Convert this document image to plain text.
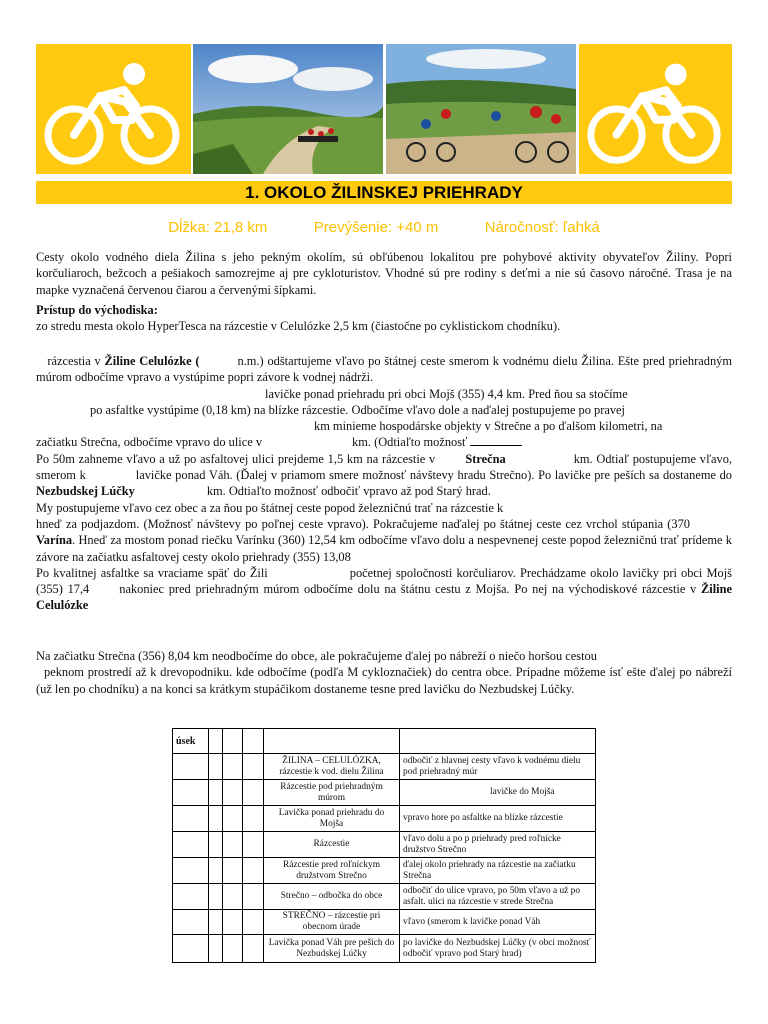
1. OKOLO ŽILINSKEJ PRIEHRADY
Dĺžka: 21,8 km	Prevýšenie: +40 m	Náročnosť: ľahká

Cesty okolo vodného diela Žilina s jeho pekným okolím, sú obľúbenou lokalitou pre pohybové aktivity obyvateľov Žiliny. Popri korčuliaroch, bežcoch a pešiakoch samozrejme aj pre cykloturistov. Vhodné sú pre rodiny s deťmi a nie sú časovo náročné. Trasa je na mapke vyznačená červenou čiarou a červenými šípkami.

Prístup do východiska:

zo stredu mesta okolo HyperTesca na rázcestie v Celulózke 2,5 km (čiastočne po cyklistickom chodníku).

rázcestia v Žiline Celulózke (	n.m.) odštartujeme vľavo po štátnej ceste smerom k vodnému dielu Žilina. Ešte pred priehradným múrom odbočíme vpravo a vystúpime popri závore k vodnej nádrži.

lavičke ponad priehradu pri obci Mojš (355) 4,4 km. Pred ňou sa stočíme

po asfaltke vystúpime (0,18 km) na blízke rázcestie. Odbočíme vľavo dole a naďalej postupujeme po pravej

km minieme hospodárske objekty v Strečne a po ďalšom kilometri, na

začiatku Strečna, odbočíme vpravo do ulice v	km. (Odtiaľto možnosť

Po 50m zahneme vľavo a už po asfaltovej ulici prejdeme 1,5 km na rázcestie v Strečna	km. Odtiaľ postupujeme vľavo, smerom k	lavičke ponad Váh. (Ďalej v priamom smere možnosť návštevy hradu Strečno). Po lavičke pre peších sa dostaneme do Nezbudskej Lúčky	km. Odtiaľto možnosť odbočiť vpravo až pod Starý hrad.

My postupujeme vľavo cez obec a za ňou po štátnej ceste popod železničnú trať na rázcestie k

hneď za podjazdom. (Možnosť návštevy po poľnej ceste vpravo). Pokračujeme naďalej po štátnej ceste cez vrchol stúpania (370Varína. Hneď za mostom ponad riečku Varínku (360) 12,54 km odbočíme vľavo dolu a nespevnenej ceste popod železničnú trať prídeme k závore na začiatku asfaltovej cesty okolo priehrady (355) 13,08

Po kvalitnej asfaltke sa vraciame späť do Žili	početnej spoločnosti korčuliarov. Prechádzame okolo lavičky pri obci Mojš (355) 17,4 nakoniec pred priehradným múrom odbočíme dolu na štátnu cestu z Mojša. Po nej na východiskové rázcestie v Žiline Celulózke

Na začiatku Strečna (356) 8,04 km neodbočíme do obce, ale pokračujeme ďalej po nábreží o niečo horšou cestou

peknom prostredí až k drevopodniku. kde odbočíme (podľa M cykloznačiek) do centra obce. Prípadne môžeme ísť ešte ďalej po nábreží (už len po chodníku) a na konci sa krátkym stupáčikom dostaneme tesne pred lavičku do Nezbudskej Lúčky.

úsek					
				ŽILINA – CELULÓZKA, rázcestie k vod. dielu Žilina	odbočiť z hlavnej cesty vľavo k vodnému dielu pod priehradný múr
				Rázcestie pod priehradným múrom	lavičke do Mojša
				Lavička ponad priehradu do Mojša	vpravo hore po asfaltke na blízke rázcestie
				Rázcestie	vľavo dolu a po p priehrady pred roľnícke družstvo Strečno
				Rázcestie pred roľníckym družstvom Strečno	ďalej okolo priehrady na rázcestie na začiatku Strečna
				Strečno – odbočka do obce	odbočiť do ulice vpravo, po 50m vľavo a už po asfalt. ulici na rázcestie v strede Strečna
				STREČNO – rázcestie pri obecnom úrade	vľavo (smerom k lavičke ponad Váh
				Lavička ponad Váh pre peších do Nezbudskej Lúčky	po lavičke do Nezbudskej Lúčky (v obci možnosť odbočiť vpravo pod Starý hrad)
